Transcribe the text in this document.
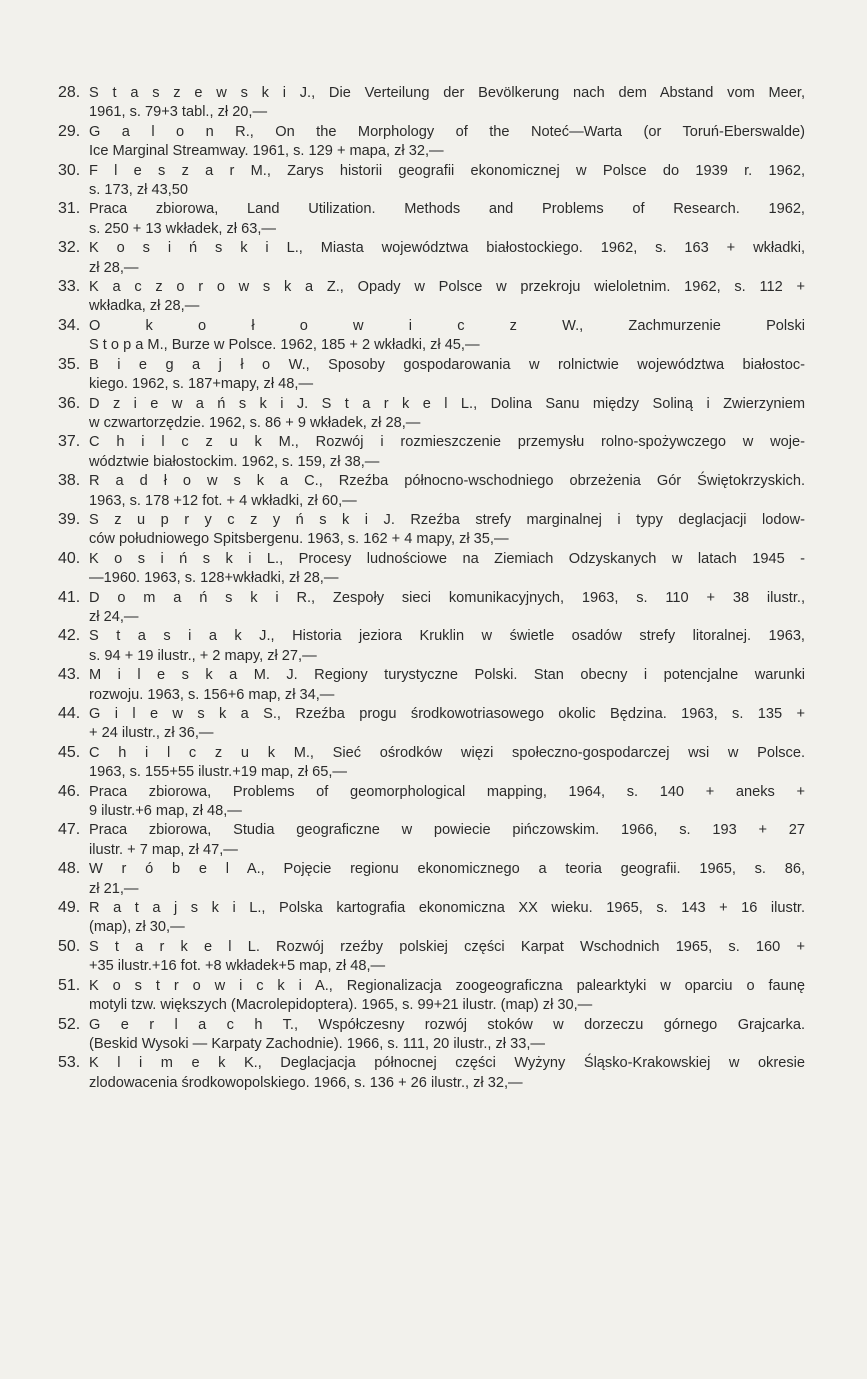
28. S t a s z e w s k i J., Die Verteilung der Bevölkerung nach dem Abstand vom Meer,
1961, s. 79+3 tabl., zł 20,—
29. G a l o n R., On the Morphology of the Noteć—Warta (or Toruń-Eberswalde)
Ice Marginal Streamway. 1961, s. 129 + mapa, zł 32,—
30. F l e s z a r M., Zarys historii geografii ekonomicznej w Polsce do 1939 r. 1962,
s. 173, zł 43,50
31. Praca zbiorowa, Land Utilization. Methods and Problems of Research. 1962,
s. 250 + 13 wkładek, zł 63,—
32. K o s i ń s k i L., Miasta województwa białostockiego. 1962, s. 163 + wkładki,
zł 28,—
33. K a c z o r o w s k a Z., Opady w Polsce w przekroju wieloletnim. 1962, s. 112 +
wkładka, zł 28,—
34. O k o ł o w i c z W., Zachmurzenie Polski
S t o p a M., Burze w Polsce. 1962, 185 + 2 wkładki, zł 45,—
35. B i e g a j ł o W., Sposoby gospodarowania w rolnictwie województwa białostoc-
kiego. 1962, s. 187+mapy, zł 48,—
36. D z i e w a ń s k i J. S t a r k e l L., Dolina Sanu między Soliną i Zwierzyniem
w czwartorzędzie. 1962, s. 86 + 9 wkładek, zł 28,—
37. C h i l c z u k M., Rozwój i rozmieszczenie przemysłu rolno-spożywczego w woje-
wództwie białostockim. 1962, s. 159, zł 38,—
38. R a d ł o w s k a C., Rzeźba północno-wschodniego obrzeżenia Gór Świętokrzyskich.
1963, s. 178 +12 fot. + 4 wkładki, zł 60,—
39. S z u p r y c z y ń s k i J. Rzeźba strefy marginalnej i typy deglacjacji lodow-
ców południowego Spitsbergenu. 1963, s. 162 + 4 mapy, zł 35,—
40. K o s i ń s k i L., Procesy ludnościowe na Ziemiach Odzyskanych w latach 1945 -
—1960. 1963, s. 128+wkładki, zł 28,—
41. D o m a ń s k i R., Zespoły sieci komunikacyjnych, 1963, s. 110 + 38 ilustr.,
zł 24,—
42. S t a s i a k J., Historia jeziora Kruklin w świetle osadów strefy litoralnej. 1963,
s. 94 + 19 ilustr., + 2 mapy, zł 27,—
43. M i l e s k a M. J. Regiony turystyczne Polski. Stan obecny i potencjalne warunki
rozwoju. 1963, s. 156+6 map, zł 34,—
44. G i l e w s k a S., Rzeźba progu środkowotriasowego okolic Będzina. 1963, s. 135 +
+ 24 ilustr., zł 36,—
45. C h i l c z u k M., Sieć ośrodków więzi społeczno-gospodarczej wsi w Polsce.
1963, s. 155+55 ilustr.+19 map, zł 65,—
46. Praca zbiorowa, Problems of geomorphological mapping, 1964, s. 140 + aneks +
9 ilustr.+6 map, zł 48,—
47. Praca zbiorowa, Studia geograficzne w powiecie pińczowskim. 1966, s. 193 + 27
ilustr. + 7 map, zł 47,—
48. W r ó b e l A., Pojęcie regionu ekonomicznego a teoria geografii. 1965, s. 86,
zł 21,—
49. R a t a j s k i L., Polska kartografia ekonomiczna XX wieku. 1965, s. 143 + 16 ilustr.
(map), zł 30,—
50. S t a r k e l L. Rozwój rzeźby polskiej części Karpat Wschodnich 1965, s. 160 +
+35 ilustr.+16 fot. +8 wkładek+5 map, zł 48,—
51. K o s t r o w i c k i A., Regionalizacja zoogeograficzna palearktyki w oparciu o faunę
motyli tzw. większych (Macrolepidoptera). 1965, s. 99+21 ilustr. (map) zł 30,—
52. G e r l a c h T., Współczesny rozwój stoków w dorzeczu górnego Grajcarka.
(Beskid Wysoki — Karpaty Zachodnie). 1966, s. 111, 20 ilustr., zł 33,—
53. K l i m e k K., Deglacjacja północnej części Wyżyny Śląsko-Krakowskiej w okresie
zlodowacenia środkowopolskiego. 1966, s. 136 + 26 ilustr., zł 32,—
